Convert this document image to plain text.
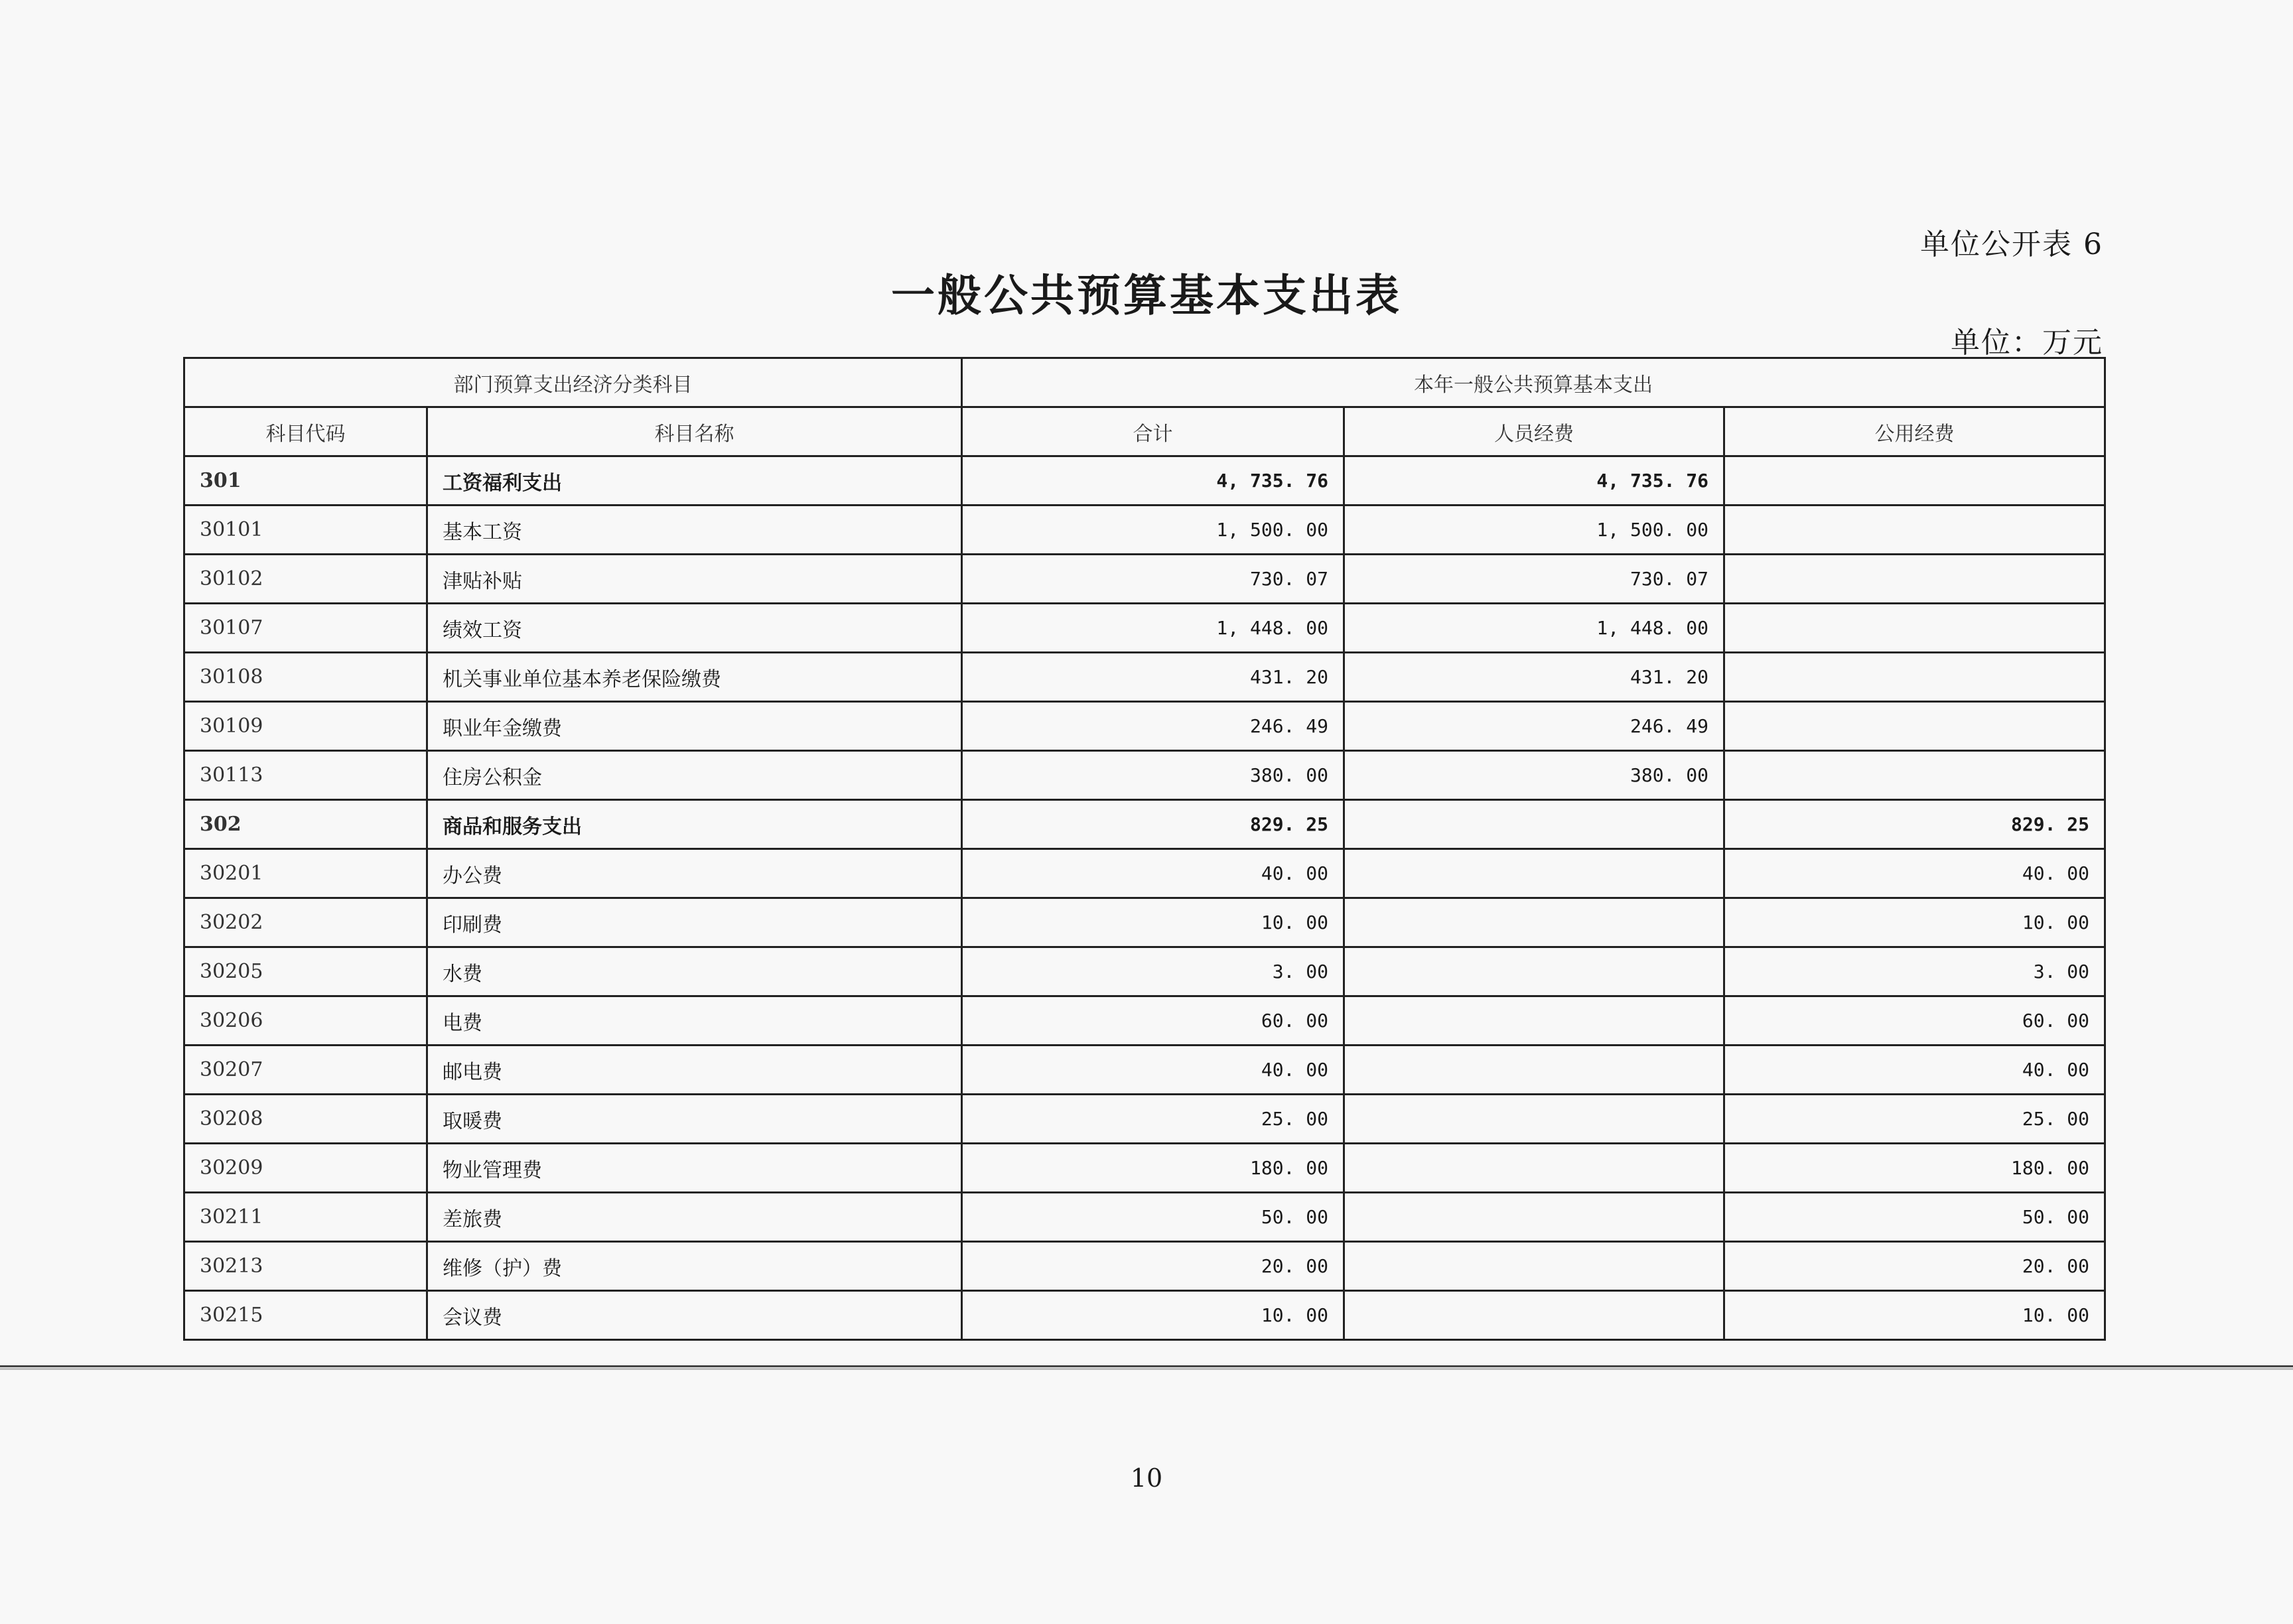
单位公开表 6
一般公共预算基本支出表
单位：万元
部门预算支出经济分类科目		本年一般公共预算基本支出		
科目代码	科目名称	合计	人员经费	公用经费
301	工资福利支出	4, 735. 76	4, 735. 76	
30101	基本工资	1, 500. 00	1, 500. 00	
30102	津贴补贴	730. 07	730. 07	
30107	绩效工资	1, 448. 00	1, 448. 00	
30108	机关事业单位基本养老保险缴费	431. 20	431. 20	
30109	职业年金缴费	246. 49	246. 49	
30113	住房公积金	380. 00	380. 00	
302	商品和服务支出	829. 25		829. 25
30201	办公费	40. 00		40. 00
30202	印刷费	10. 00		10. 00
30205	水费	3. 00		3. 00
30206	电费	60. 00		60. 00
30207	邮电费	40. 00		40. 00
30208	取暖费	25. 00		25. 00
30209	物业管理费	180. 00		180. 00
30211	差旅费	50. 00		50. 00
30213	维修（护）费	20. 00		20. 00
30215	会议费	10. 00		10. 00
10
